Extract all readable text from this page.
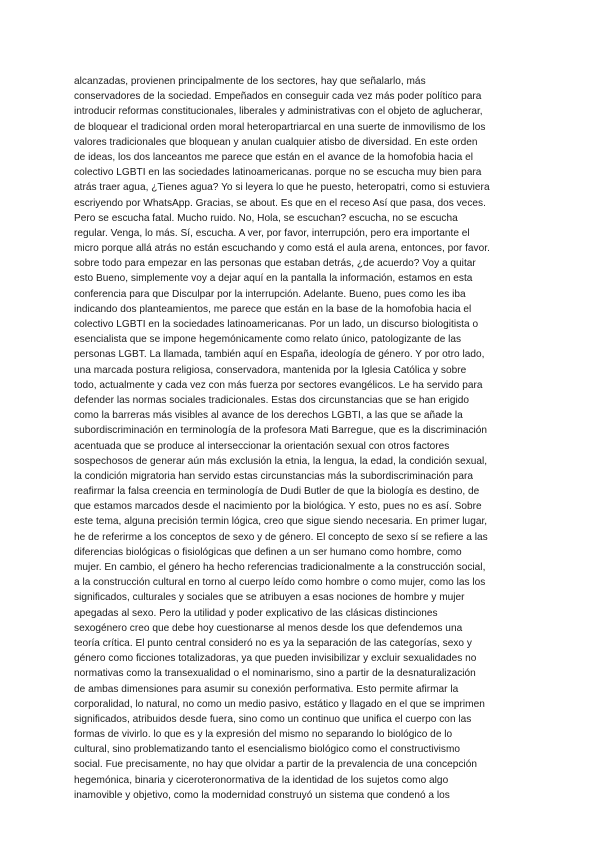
alcanzadas, provienen principalmente de los sectores, hay que señalarlo, más
conservadores de la sociedad. Empeñados en conseguir cada vez más poder político para
introducir reformas constitucionales, liberales y administrativas con el objeto de aglucherar,
de bloquear el tradicional orden moral heteropartriarcal en una suerte de inmovilismo de los
valores tradicionales que bloquean y anulan cualquier atisbo de diversidad. En este orden
de ideas, los dos lanceantos me parece que están en el avance de la homofobia hacia el
colectivo LGBTI en las sociedades latinoamericanas. porque no se escucha muy bien para
atrás traer agua, ¿Tienes agua? Yo si leyera lo que he puesto, heteropatri, como si estuviera
escriyendo por WhatsApp. Gracias, se about. Es que en el receso Así que pasa, dos veces.
Pero se escucha fatal. Mucho ruido. No, Hola, se escuchan? escucha, no se escucha
regular. Venga, lo más. Sí, escucha. A ver, por favor, interrupción, pero era importante el
micro porque allá atrás no están escuchando y como está el aula arena, entonces, por favor.
sobre todo para empezar en las personas que estaban detrás, ¿de acuerdo? Voy a quitar
esto Bueno, simplemente voy a dejar aquí en la pantalla la información, estamos en esta
conferencia para que Disculpar por la interrupción. Adelante. Bueno, pues como les iba
indicando dos planteamientos, me parece que están en la base de la homofobia hacia el
colectivo LGBTI en la sociedades latinoamericanas. Por un lado, un discurso biologitista o
esencialista que se impone hegemónicamente como relato único, patologizante de las
personas LGBT. La llamada, también aquí en España, ideología de género. Y por otro lado,
una marcada postura religiosa, conservadora, mantenida por la Iglesia Católica y sobre
todo, actualmente y cada vez con más fuerza por sectores evangélicos. Le ha servido para
defender las normas sociales tradicionales. Estas dos circunstancias que se han erigido
como la barreras más visibles al avance de los derechos LGBTI, a las que se añade la
subordiscriminación en terminología de la profesora Mati Barregue, que es la discriminación
acentuada que se produce al interseccionar la orientación sexual con otros factores
sospechosos de generar aún más exclusión la etnia, la lengua, la edad, la condición sexual,
la condición migratoria han servido estas circunstancias más la subordiscriminación para
reafirmar la falsa creencia en terminología de Dudi Butler de que la biología es destino, de
que estamos marcados desde el nacimiento por la biológica. Y esto, pues no es así. Sobre
este tema, alguna precisión termin lógica, creo que sigue siendo necesaria. En primer lugar,
he de referirme a los conceptos de sexo y de género. El concepto de sexo sí se refiere a las
diferencias biológicas o fisiológicas que definen a un ser humano como hombre, como
mujer. En cambio, el género ha hecho referencias tradicionalmente a la construcción social,
a la construcción cultural en torno al cuerpo leído como hombre o como mujer, como las los
significados, culturales y sociales que se atribuyen a esas nociones de hombre y mujer
apegadas al sexo. Pero la utilidad y poder explicativo de las clásicas distinciones
sexogénero creo que debe hoy cuestionarse al menos desde los que defendemos una
teoría crítica. El punto central consideró no es ya la separación de las categorías, sexo y
género como ficciones totalizadoras, ya que pueden invisibilizar y excluir sexualidades no
normativas como la transexualidad o el nominarismo, sino a partir de la desnaturalización
de ambas dimensiones para asumir su conexión performativa. Esto permite afirmar la
corporalidad, lo natural, no como un medio pasivo, estático y llagado en el que se imprimen
significados, atribuidos desde fuera, sino como un continuo que unifica el cuerpo con las
formas de vivirlo. lo que es y la expresión del mismo no separando lo biológico de lo
cultural, sino problematizando tanto el esencialismo biológico como el constructivismo
social. Fue precisamente, no hay que olvidar a partir de la prevalencia de una concepción
hegemónica, binaria y ciceroteronormativa de la identidad de los sujetos como algo
inamovible y objetivo, como la modernidad construyó un sistema que condenó a los
